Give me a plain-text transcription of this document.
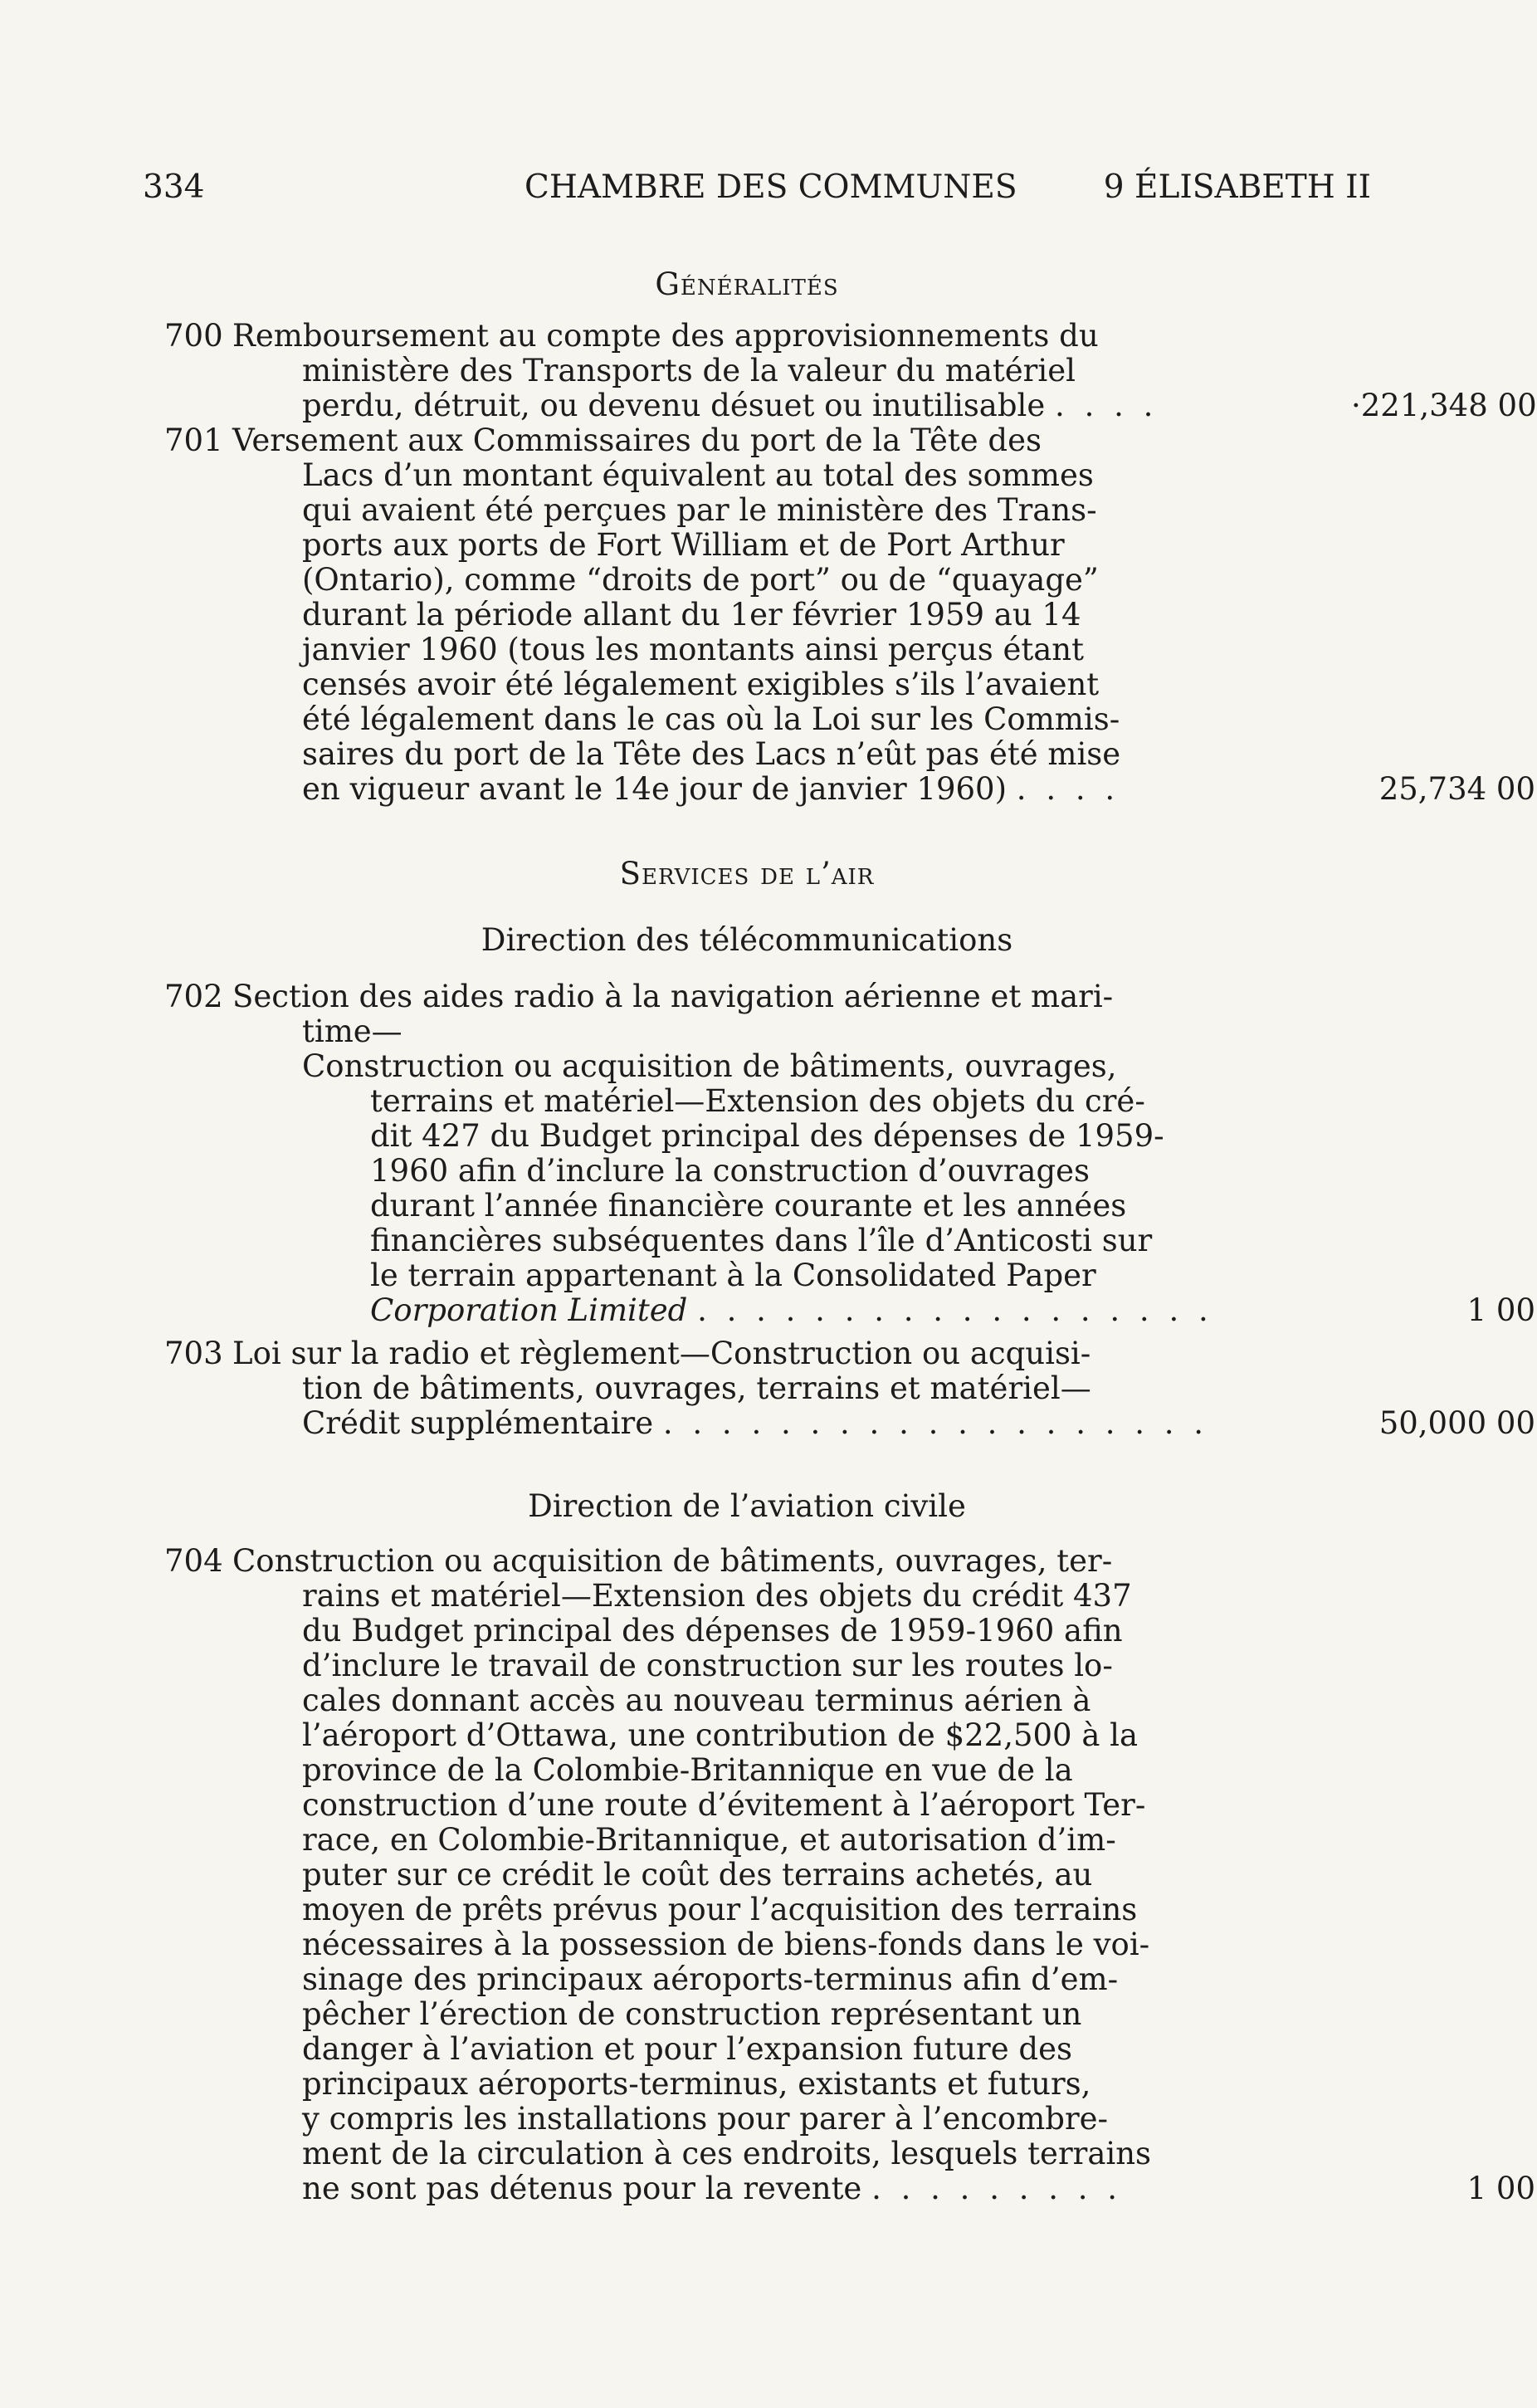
334	CHAMBRE DES COMMUNES	9 ÉLISABETH II
Généralités
700 Remboursement au compte des approvisionnements du
ministère des Transports de la valeur du matériel
perdu, détruit, ou devenu désuet ou inutilisable . . . .	·221,348 00
701 Versement aux Commissaires du port de la Tête des
Lacs d’un montant équivalent au total des sommes
qui avaient été perçues par le ministère des Trans-
ports aux ports de Fort William et de Port Arthur
(Ontario), comme “droits de port” ou de “quayage”
durant la période allant du 1er février 1959 au 14
janvier 1960 (tous les montants ainsi perçus étant
censés avoir été légalement exigibles s’ils l’avaient
été légalement dans le cas où la Loi sur les Commis-
saires du port de la Tête des Lacs n’eût pas été mise
en vigueur avant le 14e jour de janvier 1960) . . . .	25,734 00
Services de l’air
Direction des télécommunications
702 Section des aides radio à la navigation aérienne et mari-
time—
Construction ou acquisition de bâtiments, ouvrages,
terrains et matériel—Extension des objets du cré-
dit 427 du Budget principal des dépenses de 1959-
1960 afin d’inclure la construction d’ouvrages
durant l’année financière courante et les années
financières subséquentes dans l’île d’Anticosti sur
le terrain appartenant à la Consolidated Paper
Corporation Limited . . . . . . . . . . . . . . . . . .	1 00
703 Loi sur la radio et règlement—Construction ou acquisi-
tion de bâtiments, ouvrages, terrains et matériel—
Crédit supplémentaire . . . . . . . . . . . . . . . . . . .	50,000 00
Direction de l’aviation civile
704 Construction ou acquisition de bâtiments, ouvrages, ter-
rains et matériel—Extension des objets du crédit 437
du Budget principal des dépenses de 1959-1960 afin
d’inclure le travail de construction sur les routes lo-
cales donnant accès au nouveau terminus aérien à
l’aéroport d’Ottawa, une contribution de $22,500 à la
province de la Colombie-Britannique en vue de la
construction d’une route d’évitement à l’aéroport Ter-
race, en Colombie-Britannique, et autorisation d’im-
puter sur ce crédit le coût des terrains achetés, au
moyen de prêts prévus pour l’acquisition des terrains
nécessaires à la possession de biens-fonds dans le voi-
sinage des principaux aéroports-terminus afin d’em-
pêcher l’érection de construction représentant un
danger à l’aviation et pour l’expansion future des
principaux aéroports-terminus, existants et futurs,
y compris les installations pour parer à l’encombre-
ment de la circulation à ces endroits, lesquels terrains
ne sont pas détenus pour la revente . . . . . . . . .	1 00
